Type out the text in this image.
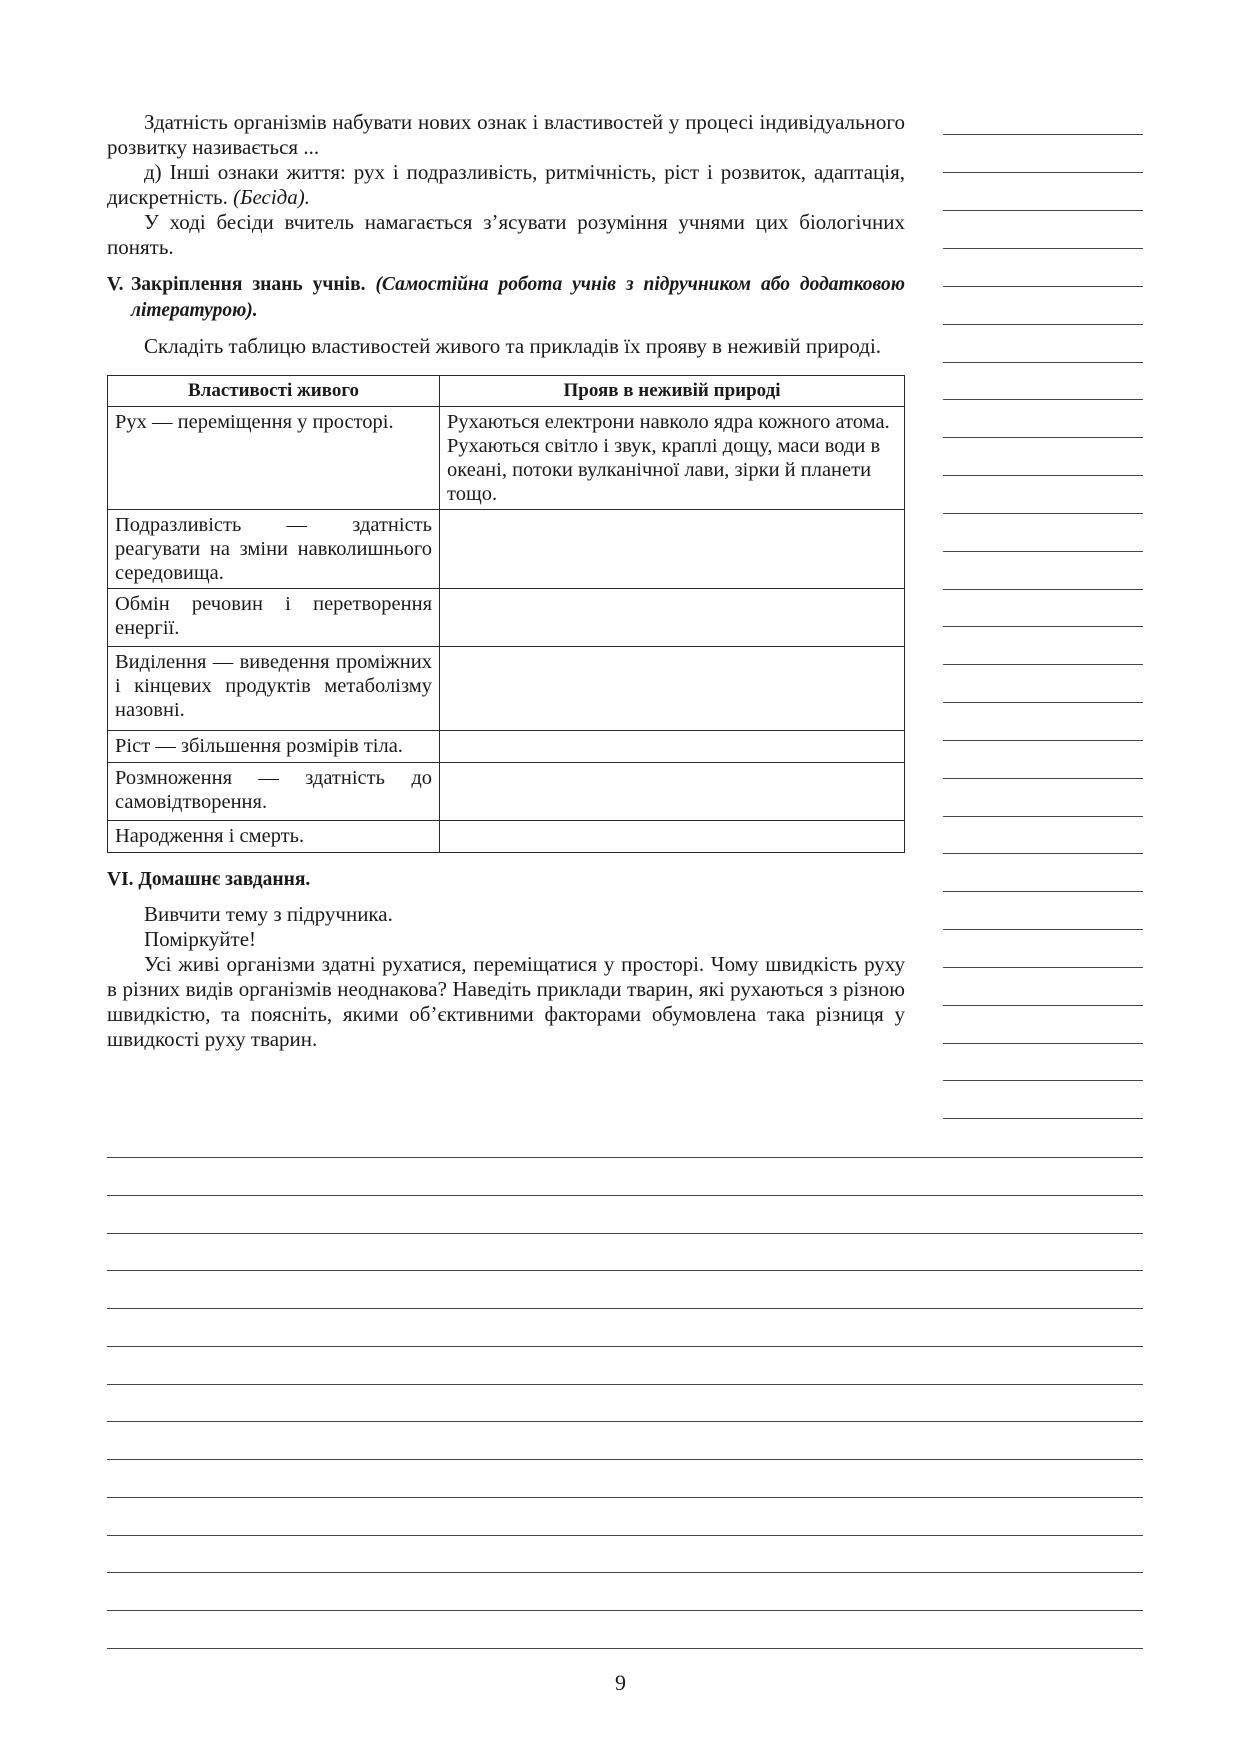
Здатність організмів набувати нових ознак і властивостей у процесі індивідуального розвитку називається ...

д) Інші ознаки життя: рух і подразливість, ритмічність, ріст і розвиток, адаптація, дискретність. (Бесіда).

У ході бесіди вчитель намагається з’ясувати розуміння учнями цих біологічних понять.

V. Закріплення знань учнів. (Самостійна робота учнів з підручником або додатковою літературою).

Складіть таблицю властивостей живого та прикладів їх прояву в неживій природі.

Властивості живого	Прояв в неживій природі
Рух — переміщення у просторі.	Рухаються електрони навколо ядра кожного атома. Рухаються світло і звук, краплі дощу, маси води в океані, потоки вулканічної лави, зірки й планети тощо.
Подразливість — здатність реагувати на зміни навколишнього середовища.	
Обмін речовин і перетворення енергії.	
Виділення — виведення проміжних і кінцевих продуктів метаболізму назовні.	
Ріст — збільшення розмірів тіла.	
Розмноження — здатність до самовідтворення.	
Народження і смерть.	

VI. Домашнє завдання.

Вивчити тему з підручника.

Поміркуйте!

Усі живі організми здатні рухатися, переміщатися у просторі. Чому швидкість руху в різних видів організмів неоднакова? Наведіть приклади тварин, які рухаються з різною швидкістю, та поясніть, якими об’єктивними факторами обумовлена така різниця у швидкості руху тварин.

9
